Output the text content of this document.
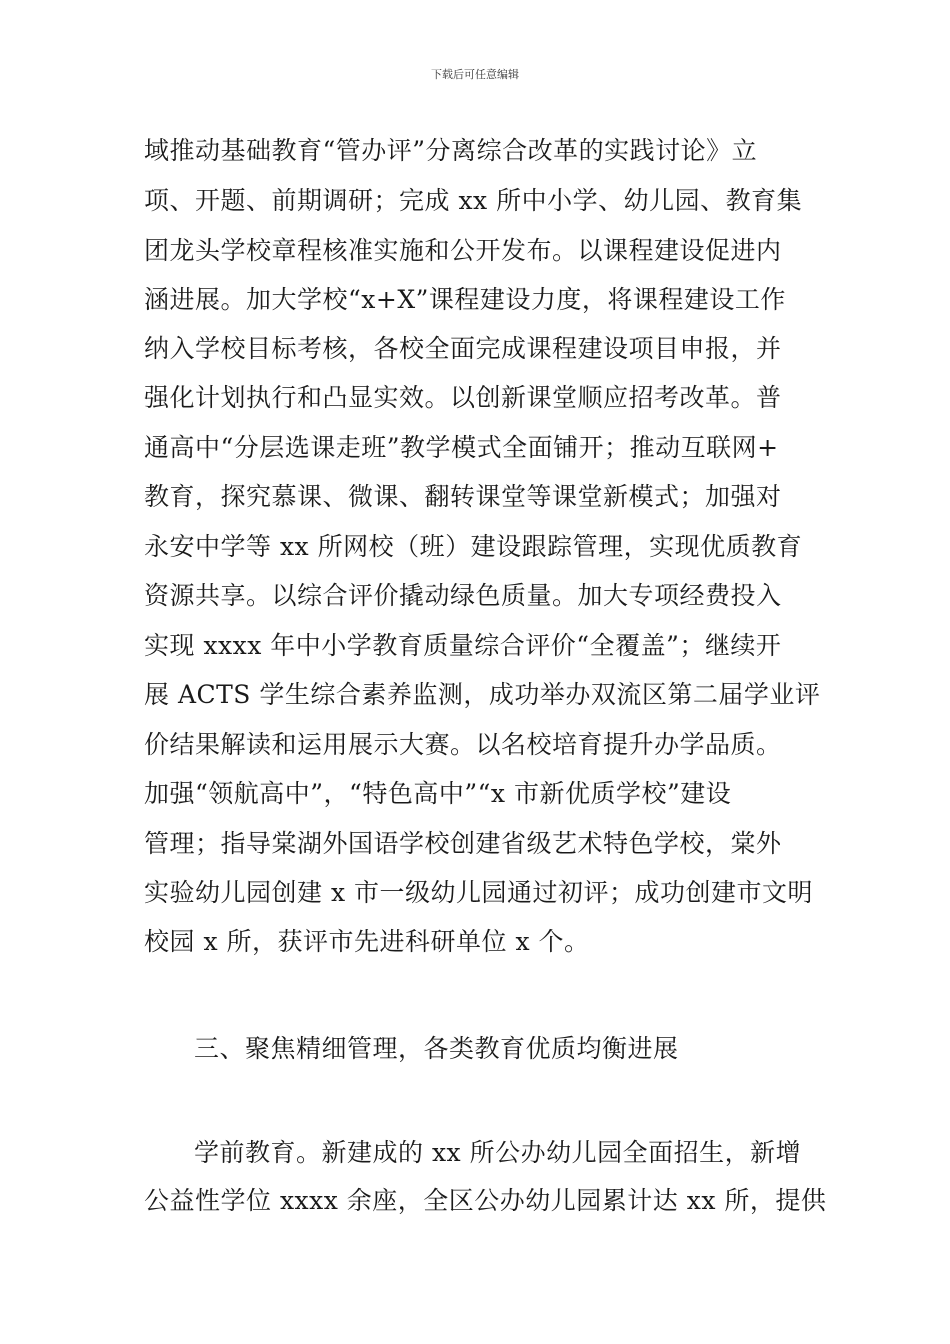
下载后可任意编辑
域推动基础教育“管办评”分离综合改革的实践讨论》立
项、开题、前期调研；完成 xx 所中小学、幼儿园、教育集
团龙头学校章程核准实施和公开发布。以课程建设促进内
涵进展。加大学校“x+X”课程建设力度，将课程建设工作
纳入学校目标考核，各校全面完成课程建设项目申报，并
强化计划执行和凸显实效。以创新课堂顺应招考改革。普
通高中“分层选课走班”教学模式全面铺开；推动互联网+
教育，探究慕课、微课、翻转课堂等课堂新模式；加强对
永安中学等 xx 所网校（班）建设跟踪管理，实现优质教育
资源共享。以综合评价撬动绿色质量。加大专项经费投入
实现 xxxx 年中小学教育质量综合评价“全覆盖”；继续开
展 ACTS 学生综合素养监测，成功举办双流区第二届学业评
价结果解读和运用展示大赛。以名校培育提升办学品质。
加强“领航高中”，“特色高中”“x 市新优质学校”建设
管理；指导棠湖外国语学校创建省级艺术特色学校，棠外
实验幼儿园创建 x 市一级幼儿园通过初评；成功创建市文明
校园 x 所，获评市先进科研单位 x 个。
三、聚焦精细管理，各类教育优质均衡进展
学前教育。新建成的 xx 所公办幼儿园全面招生，新增
公益性学位 xxxx 余座，全区公办幼儿园累计达 xx 所，提供
